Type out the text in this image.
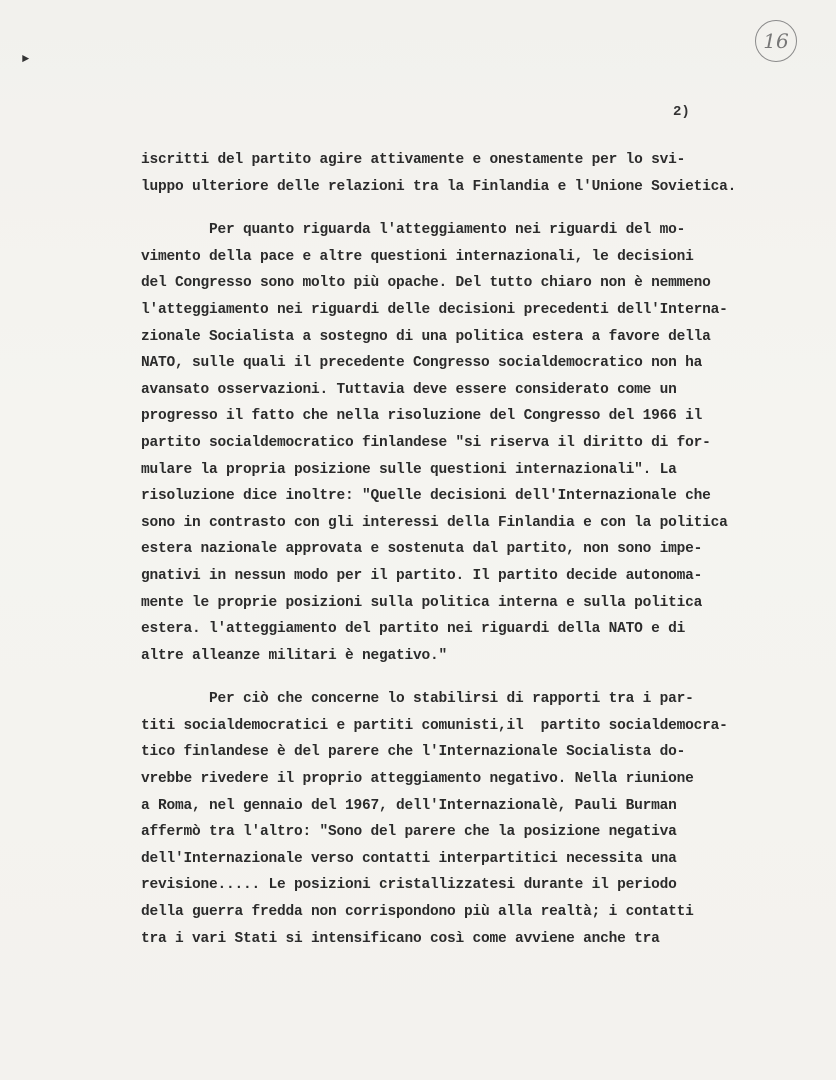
►
16
2)
iscritti del partito agire attivamente e onestamente per lo svi-
luppo ulteriore delle relazioni tra la Finlandia e l'Unione Sovietica.
Per quanto riguarda l'atteggiamento nei riguardi del mo-
vimento della pace e altre questioni internazionali, le decisioni
del Congresso sono molto più opache. Del tutto chiaro non è nemmeno
l'atteggiamento nei riguardi delle decisioni precedenti dell'Interna-
zionale Socialista a sostegno di una politica estera a favore della
NATO, sulle quali il precedente Congresso socialdemocratico non ha
avansato osservazioni. Tuttavia deve essere considerato come un
progresso il fatto che nella risoluzione del Congresso del 1966 il
partito socialdemocratico finlandese "si riserva il diritto di for-
mulare la propria posizione sulle questioni internazionali". La
risoluzione dice inoltre: "Quelle decisioni dell'Internazionale che
sono in contrasto con gli interessi della Finlandia e con la politica
estera nazionale approvata e sostenuta dal partito, non sono impe-
gnativi in nessun modo per il partito. Il partito decide autonoma-
mente le proprie posizioni sulla politica interna e sulla politica
estera. l'atteggiamento del partito nei riguardi della NATO e di
altre alleanze militari è negativo."
Per ciò che concerne lo stabilirsi di rapporti tra i par-
titi socialdemocratici e partiti comunisti,il  partito socialdemocra-
tico finlandese è del parere che l'Internazionale Socialista do-
vrebbe rivedere il proprio atteggiamento negativo. Nella riunione
a Roma, nel gennaio del 1967, dell'Internazionalè, Pauli Burman
affermò tra l'altro: "Sono del parere che la posizione negativa
dell'Internazionale verso contatti interpartitici necessita una
revisione..... Le posizioni cristallizzatesi durante il periodo
della guerra fredda non corrispondono più alla realtà; i contatti
tra i vari Stati si intensificano così come avviene anche tra
